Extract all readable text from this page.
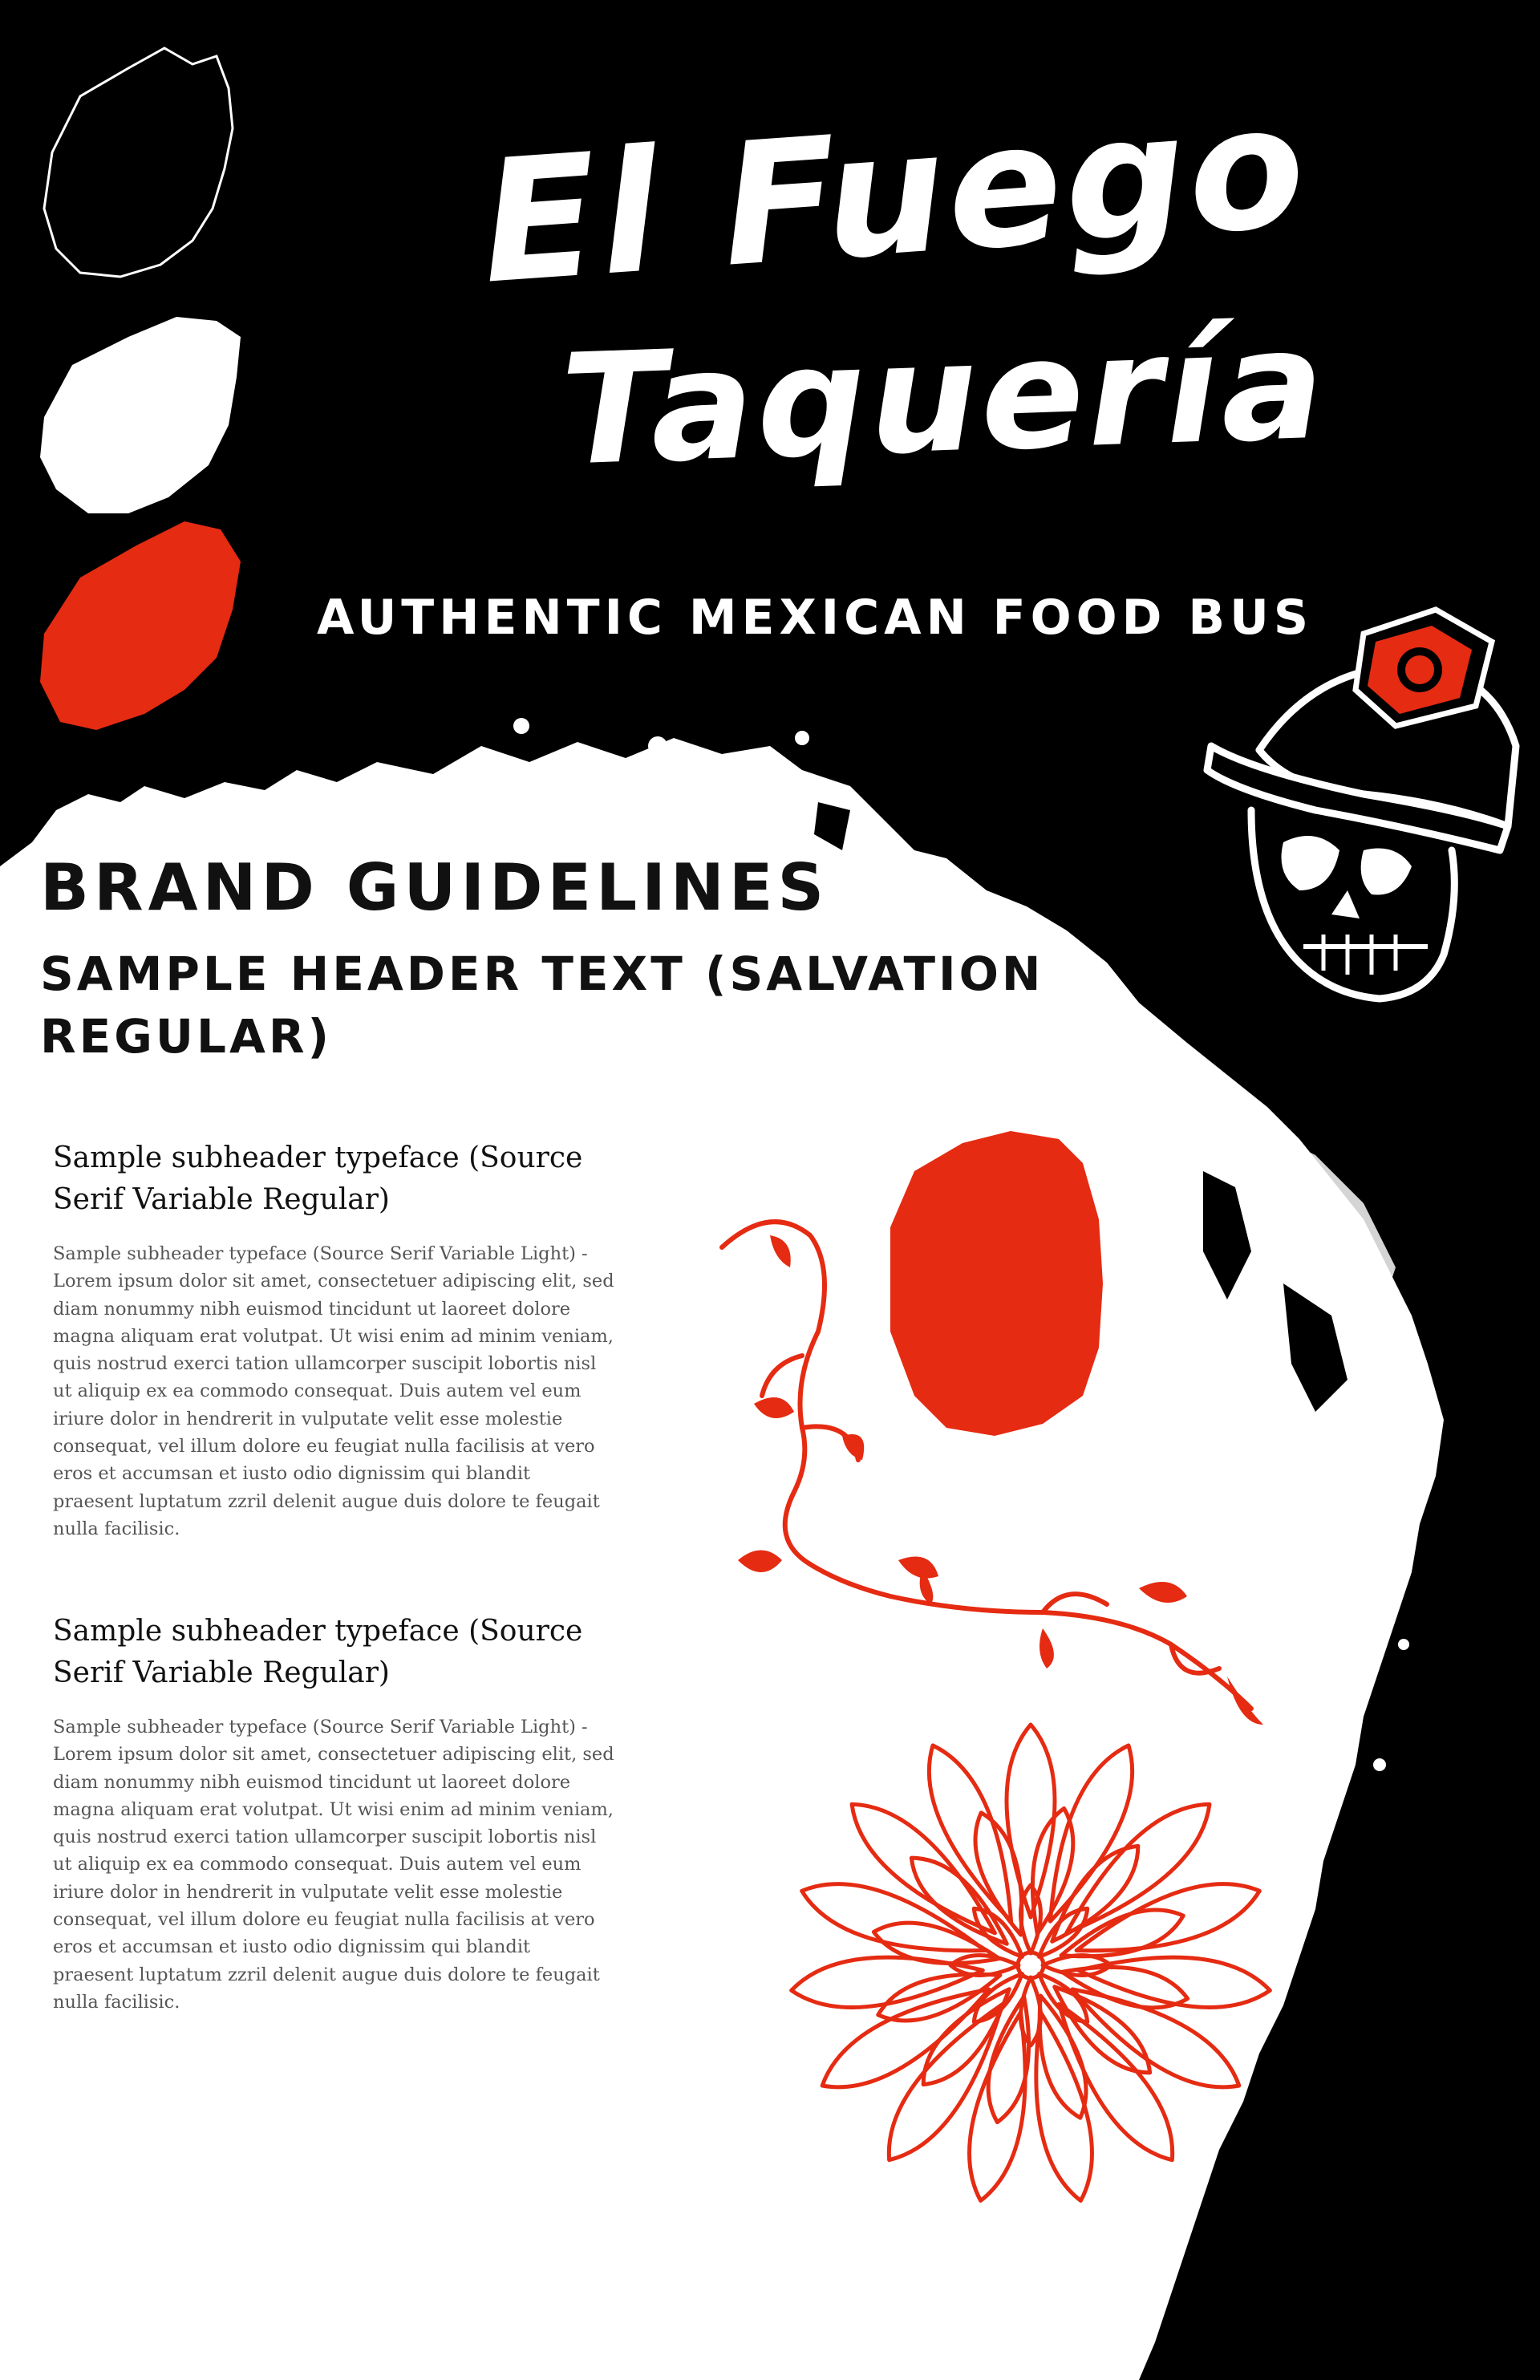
El Fuego
Taquería
AUTHENTIC MEXICAN FOOD BUS
BRAND GUIDELINES
SAMPLE HEADER TEXT (SALVATION REGULAR)
Sample subheader typeface (Source Serif Variable Regular)

Sample subheader typeface (Source Serif Variable Light) - Lorem ipsum dolor sit amet, consectetuer adipiscing elit, sed diam nonummy nibh euismod tincidunt ut laoreet dolore magna aliquam erat volutpat. Ut wisi enim ad minim veniam, quis nostrud exerci tation ullamcorper suscipit lobortis nisl ut aliquip ex ea commodo consequat. Duis autem vel eum iriure dolor in hendrerit in vulputate velit esse molestie consequat, vel illum dolore eu feugiat nulla facilisis at vero eros et accumsan et iusto odio dignissim qui blandit praesent luptatum zzril delenit augue duis dolore te feugait nulla facilisic.

Sample subheader typeface (Source Serif Variable Regular)

Sample subheader typeface (Source Serif Variable Light) - Lorem ipsum dolor sit amet, consectetuer adipiscing elit, sed diam nonummy nibh euismod tincidunt ut laoreet dolore magna aliquam erat volutpat. Ut wisi enim ad minim veniam, quis nostrud exerci tation ullamcorper suscipit lobortis nisl ut aliquip ex ea commodo consequat. Duis autem vel eum iriure dolor in hendrerit in vulputate velit esse molestie consequat, vel illum dolore eu feugiat nulla facilisis at vero eros et accumsan et iusto odio dignissim qui blandit praesent luptatum zzril delenit augue duis dolore te feugait nulla facilisic.
